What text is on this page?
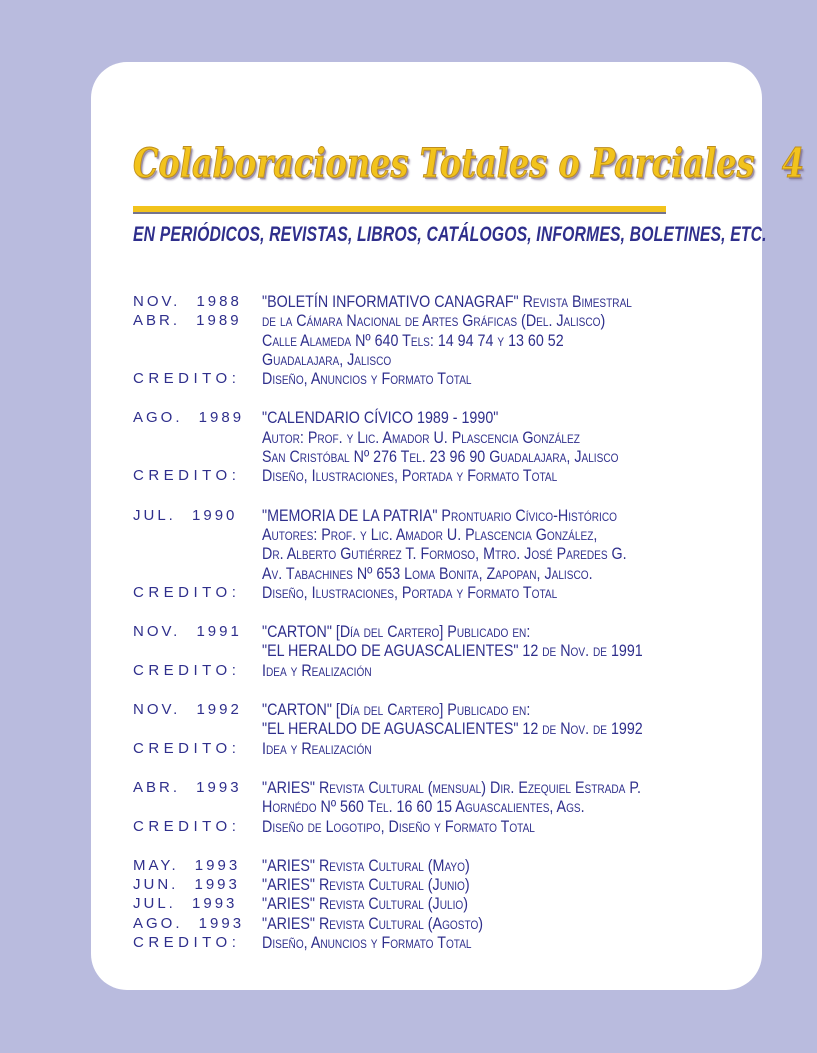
Colaboraciones Totales o Parciales 4
EN PERIÓDICOS, REVISTAS, LIBROS, CATÁLOGOS, INFORMES, BOLETINES, ETC.
NOV. 1988	"BOLETÍN INFORMATIVO CANAGRAF" Revista Bimestral
ABR. 1989	de la Cámara Nacional de Artes Gráficas (Del. Jalisco)
Calle Alameda Nº 640 Tels: 14 94 74 y 13 60 52
Guadalajara, Jalisco
CREDITO:	Diseño, Anuncios y Formato Total
AGO. 1989	"CALENDARIO CÍVICO 1989 - 1990"
Autor: Prof. y Lic. Amador U. Plascencia González
San Cristóbal Nº 276 Tel. 23 96 90 Guadalajara, Jalisco
CREDITO:	Diseño, Ilustraciones, Portada y Formato Total
JUL. 1990	"MEMORIA DE LA PATRIA" Prontuario Cívico-Histórico
Autores: Prof. y Lic. Amador U. Plascencia González,
Dr. Alberto Gutiérrez T. Formoso, Mtro. José Paredes G.
Av. Tabachines Nº 653 Loma Bonita, Zapopan, Jalisco.
CREDITO:	Diseño, Ilustraciones, Portada y Formato Total
NOV. 1991	"CARTON" [Día del Cartero] Publicado en:
"EL HERALDO DE AGUASCALIENTES" 12 de Nov. de 1991
CREDITO:	Idea y Realización
NOV. 1992	"CARTON" [Día del Cartero] Publicado en:
"EL HERALDO DE AGUASCALIENTES" 12 de Nov. de 1992
CREDITO:	Idea y Realización
ABR. 1993	"ARIES" Revista Cultural (mensual) Dir. Ezequiel Estrada P.
Hornédo Nº 560 Tel. 16 60 15 Aguascalientes, Ags.
CREDITO:	Diseño de Logotipo, Diseño y Formato Total
MAY. 1993	"ARIES" Revista Cultural (Mayo)
JUN. 1993	"ARIES" Revista Cultural (Junio)
JUL. 1993	"ARIES" Revista Cultural (Julio)
AGO. 1993	"ARIES" Revista Cultural (Agosto)
CREDITO:	Diseño, Anuncios y Formato Total
